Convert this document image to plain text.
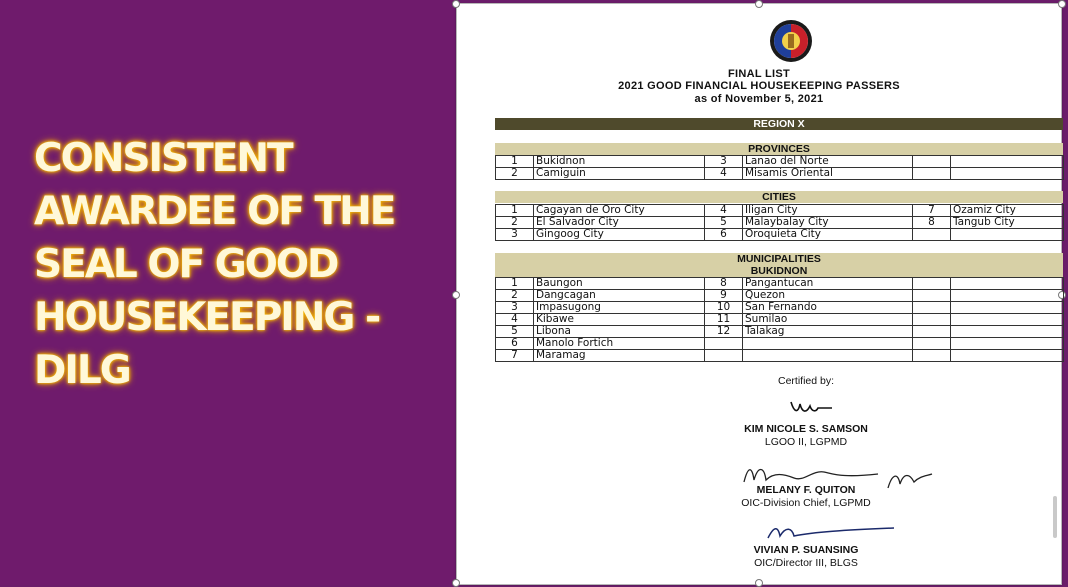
CONSISTENT AWARDEE OF THE SEAL OF GOOD HOUSEKEEPING - DILG
FINAL LIST
2021 GOOD FINANCIAL HOUSEKEEPING PASSERS
as of November 5, 2021
REGION X
PROVINCES
1	Bukidnon	3	Lanao del Norte		
2	Camiguin	4	Misamis Oriental		
CITIES
1	Cagayan de Oro City	4	Iligan City	7	Ozamiz City
2	El Salvador City	5	Malaybalay City	8	Tangub City
3	Gingoog City	6	Oroquieta City		
MUNICIPALITIES
BUKIDNON
1	Baungon	8	Pangantucan		
2	Dangcagan	9	Quezon		
3	Impasugong	10	San Fernando		
4	Kibawe	11	Sumilao		
5	Libona	12	Talakag		
6	Manolo Fortich				
7	Maramag				
Certified by:
KIM NICOLE S. SAMSON
LGOO II, LGPMD
MELANY F. QUITON
OIC-Division Chief, LGPMD
VIVIAN P. SUANSING
OIC/Director III, BLGS
